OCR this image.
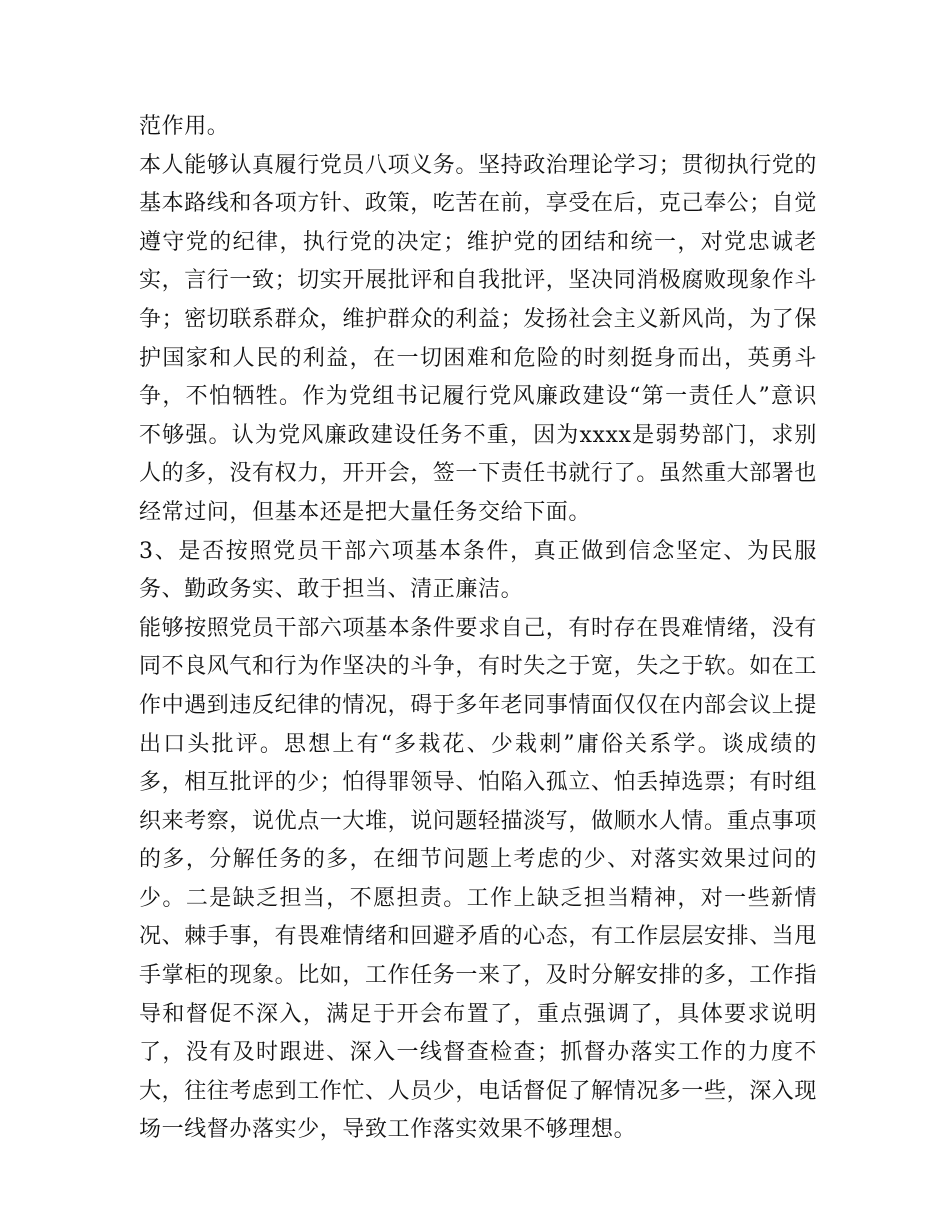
范作用。

本人能够认真履行党员八项义务。坚持政治理论学习；贯彻执行党的基本路线和各项方针、政策，吃苦在前，享受在后，克己奉公；自觉遵守党的纪律，执行党的决定；维护党的团结和统一，对党忠诚老实，言行一致；切实开展批评和自我批评，坚决同消极腐败现象作斗争；密切联系群众，维护群众的利益；发扬社会主义新风尚，为了保护国家和人民的利益，在一切困难和危险的时刻挺身而出，英勇斗争，不怕牺牲。作为党组书记履行党风廉政建设“第一责任人”意识不够强。认为党风廉政建设任务不重，因为xxxx是弱势部门，求别人的多，没有权力，开开会，签一下责任书就行了。虽然重大部署也经常过问，但基本还是把大量任务交给下面。

3、是否按照党员干部六项基本条件，真正做到信念坚定、为民服务、勤政务实、敢于担当、清正廉洁。

能够按照党员干部六项基本条件要求自己，有时存在畏难情绪，没有同不良风气和行为作坚决的斗争，有时失之于宽，失之于软。如在工作中遇到违反纪律的情况，碍于多年老同事情面仅仅在内部会议上提出口头批评。思想上有“多栽花、少栽刺”庸俗关系学。谈成绩的多，相互批评的少；怕得罪领导、怕陷入孤立、怕丢掉选票；有时组织来考察，说优点一大堆，说问题轻描淡写，做顺水人情。重点事项的多，分解任务的多，在细节问题上考虑的少、对落实效果过问的少。二是缺乏担当，不愿担责。工作上缺乏担当精神，对一些新情况、棘手事，有畏难情绪和回避矛盾的心态，有工作层层安排、当甩手掌柜的现象。比如，工作任务一来了，及时分解安排的多，工作指导和督促不深入，满足于开会布置了，重点强调了，具体要求说明了，没有及时跟进、深入一线督查检查；抓督办落实工作的力度不大，往往考虑到工作忙、人员少，电话督促了解情况多一些，深入现场一线督办落实少，导致工作落实效果不够理想。
